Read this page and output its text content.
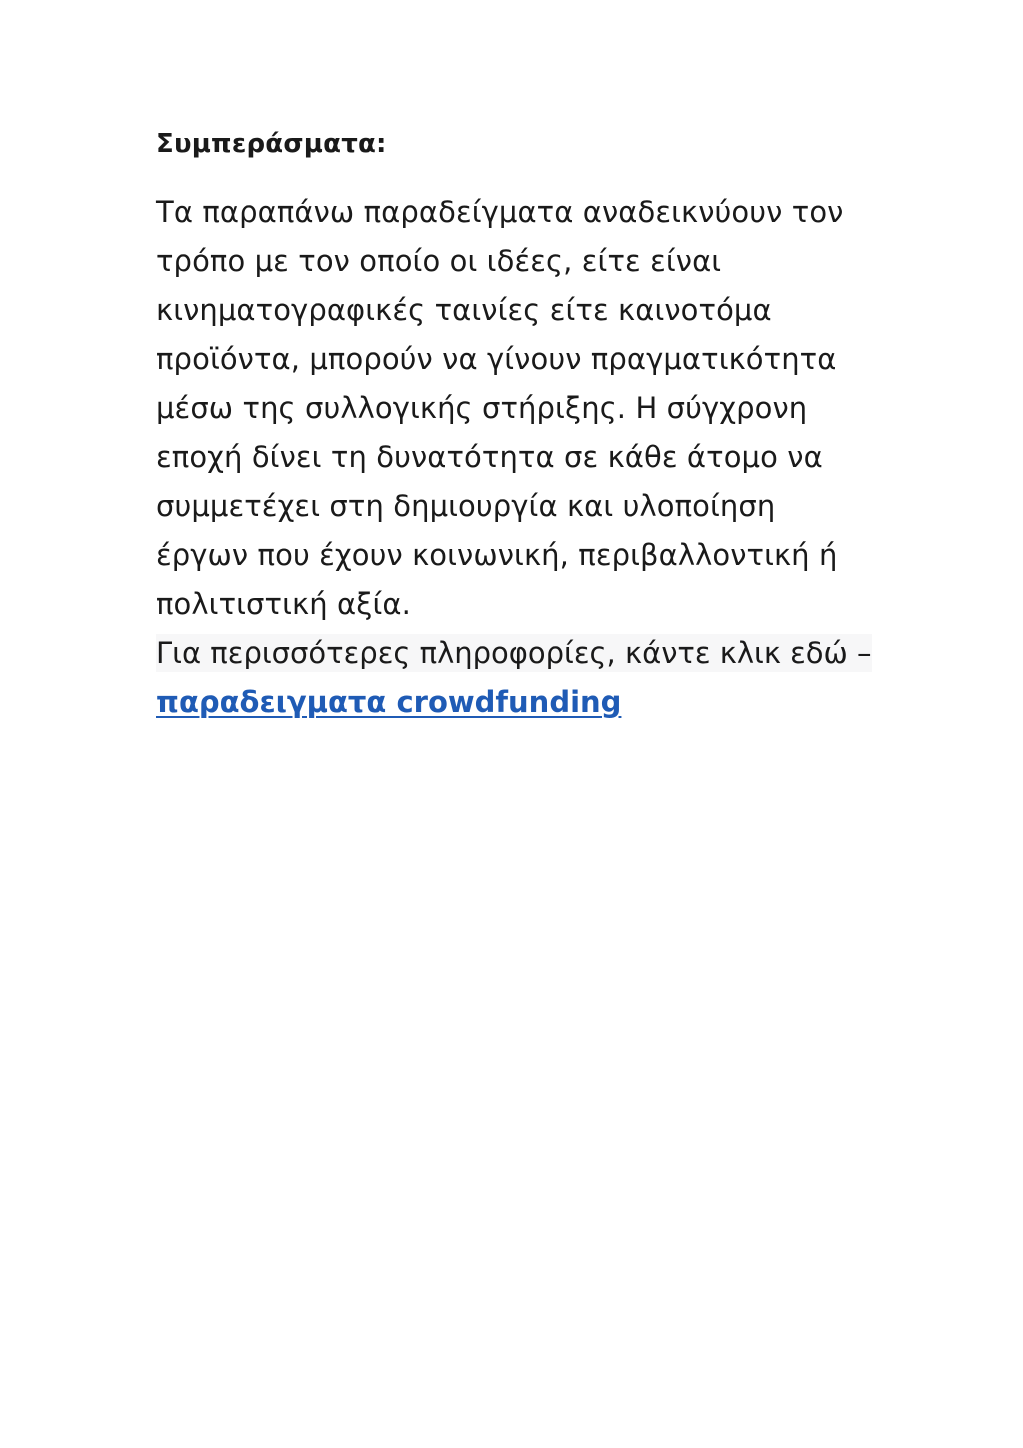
Συμπεράσματα:

Τα παραπάνω παραδείγματα αναδεικνύουν τον τρόπο με τον οποίο οι ιδέες, είτε είναι κινηματογραφικές ταινίες είτε καινοτόμα προϊόντα, μπορούν να γίνουν πραγματικότητα μέσω της συλλογικής στήριξης. Η σύγχρονη εποχή δίνει τη δυνατότητα σε κάθε άτομο να συμμετέχει στη δημιουργία και υλοποίηση έργων που έχουν κοινωνική, περιβαλλοντική ή πολιτιστική αξία.

Για περισσότερες πληροφορίες, κάντε κλικ εδώ – παραδειγματα crowdfunding
